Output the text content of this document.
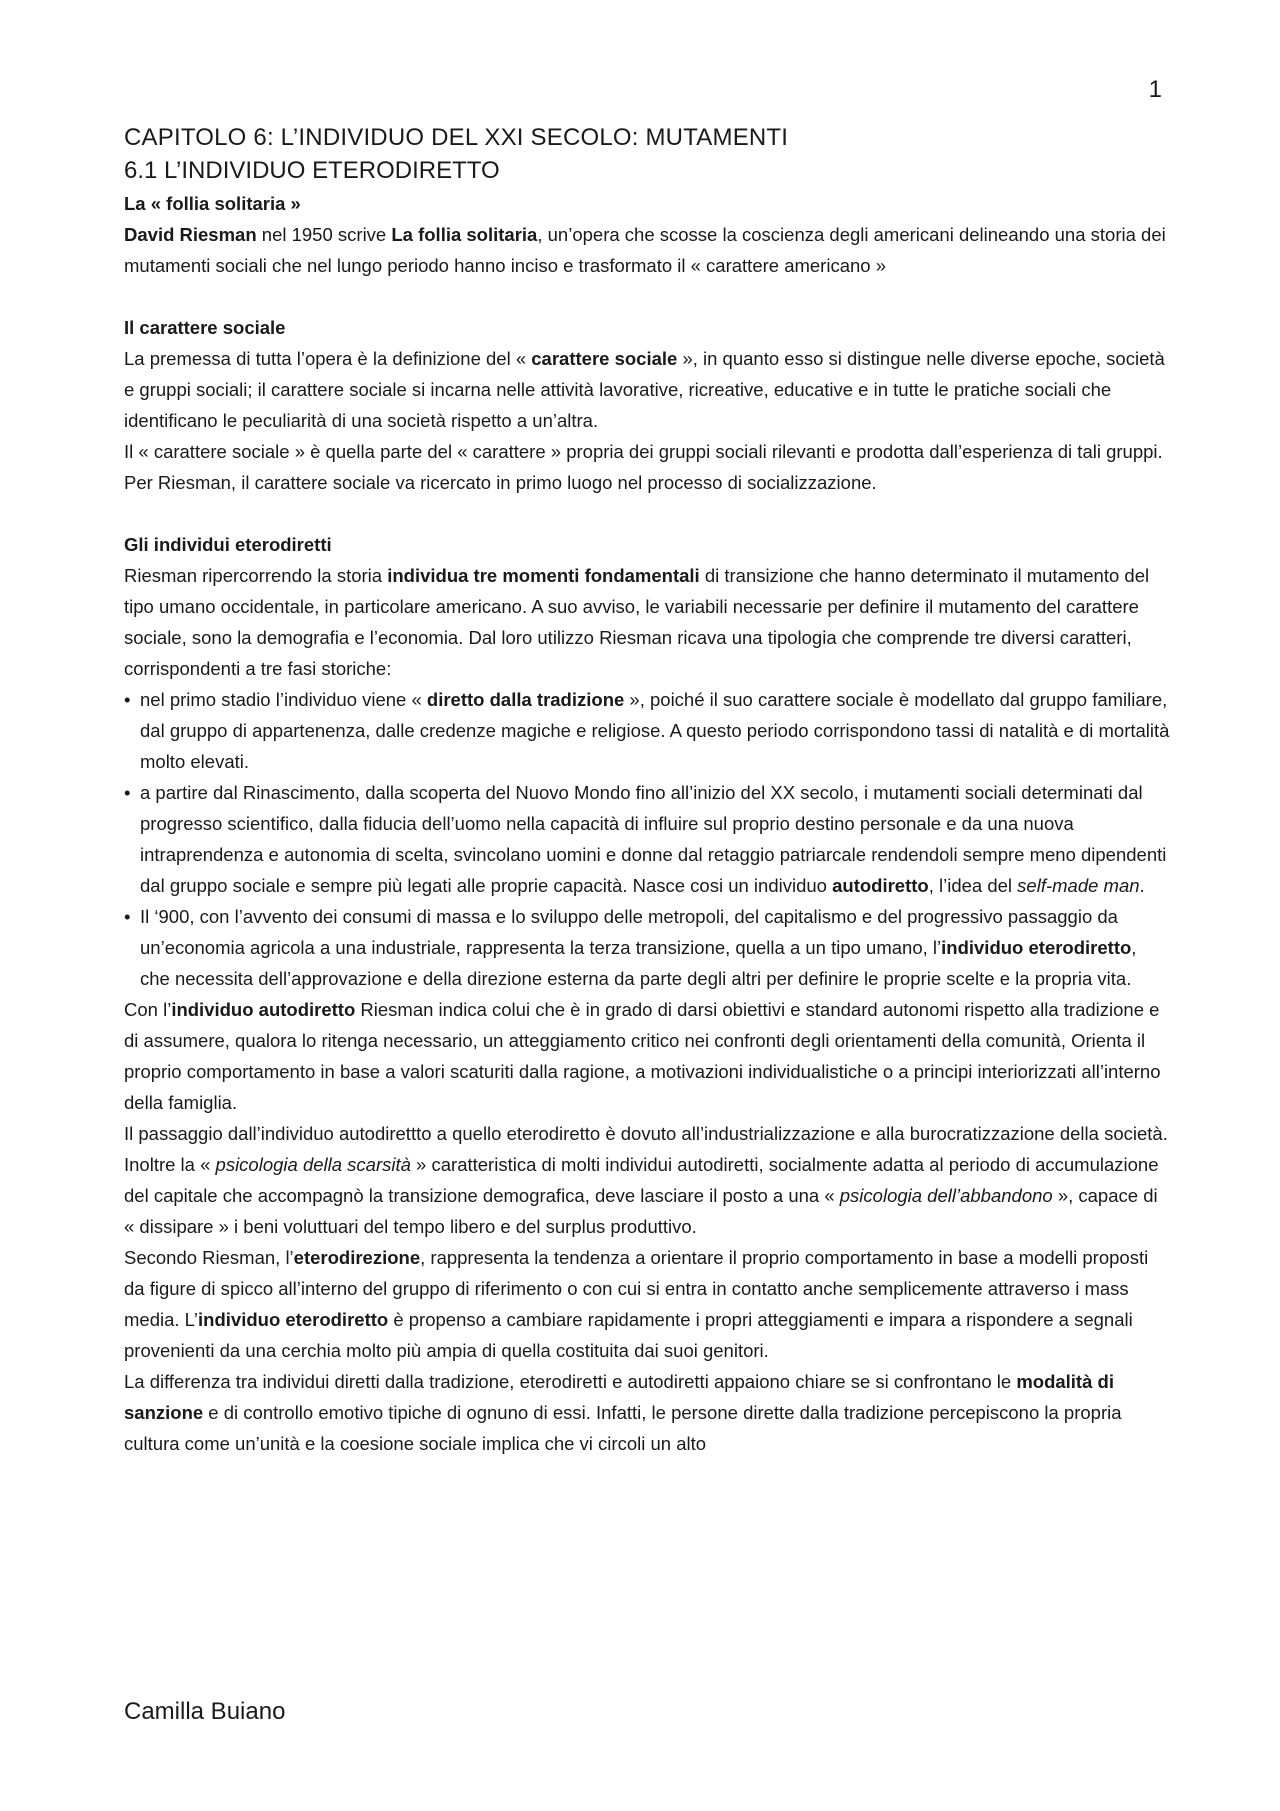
1
CAPITOLO 6: L’INDIVIDUO DEL XXI SECOLO: MUTAMENTI
6.1 L’INDIVIDUO ETERODIRETTO

La « follia solitaria »

David Riesman nel 1950 scrive La follia solitaria, un’opera che scosse la coscienza degli americani delineando una storia dei mutamenti sociali che nel lungo periodo hanno inciso e trasformato il « carattere americano »

Il carattere sociale

La premessa di tutta l’opera è la definizione del « carattere sociale », in quanto esso si distingue nelle diverse epoche, società e gruppi sociali; il carattere sociale si incarna nelle attività lavorative, ricreative, educative e in tutte le pratiche sociali che identificano le peculiarità di una società rispetto a un’altra.

Il « carattere sociale » è quella parte del « carattere » propria dei gruppi sociali rilevanti e prodotta dall’esperienza di tali gruppi. Per Riesman, il carattere sociale va ricercato in primo luogo nel processo di socializzazione.

Gli individui eterodiretti

Riesman ripercorrendo la storia individua tre momenti fondamentali di transizione che hanno determinato il mutamento del tipo umano occidentale, in particolare americano. A suo avviso, le variabili necessarie per definire il mutamento del carattere sociale, sono la demografia e l’economia. Dal loro utilizzo Riesman ricava una tipologia che comprende tre diversi caratteri, corrispondenti a tre fasi storiche:

• nel primo stadio l’individuo viene « diretto dalla tradizione », poiché il suo carattere sociale è modellato dal gruppo familiare, dal gruppo di appartenenza, dalle credenze magiche e religiose. A questo periodo corrispondono tassi di natalità e di mortalità molto elevati.
• a partire dal Rinascimento, dalla scoperta del Nuovo Mondo fino all’inizio del XX secolo, i mutamenti sociali determinati dal progresso scientifico, dalla fiducia dell’uomo nella capacità di influire sul proprio destino personale e da una nuova intraprendenza e autonomia di scelta, svincolano uomini e donne dal retaggio patriarcale rendendoli sempre meno dipendenti dal gruppo sociale e sempre più legati alle proprie capacità. Nasce cosi un individuo autodiretto, l’idea del self-made man.
• Il ‘900, con l’avvento dei consumi di massa e lo sviluppo delle metropoli, del capitalismo e del progressivo passaggio da un’economia agricola a una industriale, rappresenta la terza transizione, quella a un tipo umano, l’individuo eterodiretto, che necessita dell’approvazione e della direzione esterna da parte degli altri per definire le proprie scelte e la propria vita.

Con l’individuo autodiretto Riesman indica colui che è in grado di darsi obiettivi e standard autonomi rispetto alla tradizione e di assumere, qualora lo ritenga necessario, un atteggiamento critico nei confronti degli orientamenti della comunità, Orienta il proprio comportamento in base a valori scaturiti dalla ragione, a motivazioni individualistiche o a principi interiorizzati all’interno della famiglia.

Il passaggio dall’individuo autodirettto a quello eterodiretto è dovuto all’industrializzazione e alla burocratizzazione della società.

Inoltre la « psicologia della scarsità » caratteristica di molti individui autodiretti, socialmente adatta al periodo di accumulazione del capitale che accompagnò la transizione demografica, deve lasciare il posto a una « psicologia dell’abbandono », capace di « dissipare » i beni voluttuari del tempo libero e del surplus produttivo.

Secondo Riesman, l’eterodirezione, rappresenta la tendenza a orientare il proprio comportamento in base a modelli proposti da figure di spicco all’interno del gruppo di riferimento o con cui si entra in contatto anche semplicemente attraverso i mass media. L’individuo eterodiretto è propenso a cambiare rapidamente i propri atteggiamenti e impara a rispondere a segnali provenienti da una cerchia molto più ampia di quella costituita dai suoi genitori.

La differenza tra individui diretti dalla tradizione, eterodiretti e autodiretti appaiono chiare se si confrontano le modalità di sanzione e di controllo emotivo tipiche di ognuno di essi. Infatti, le persone dirette dalla tradizione percepiscono la propria cultura come un’unità e la coesione sociale implica che vi circoli un alto

Camilla Buiano
